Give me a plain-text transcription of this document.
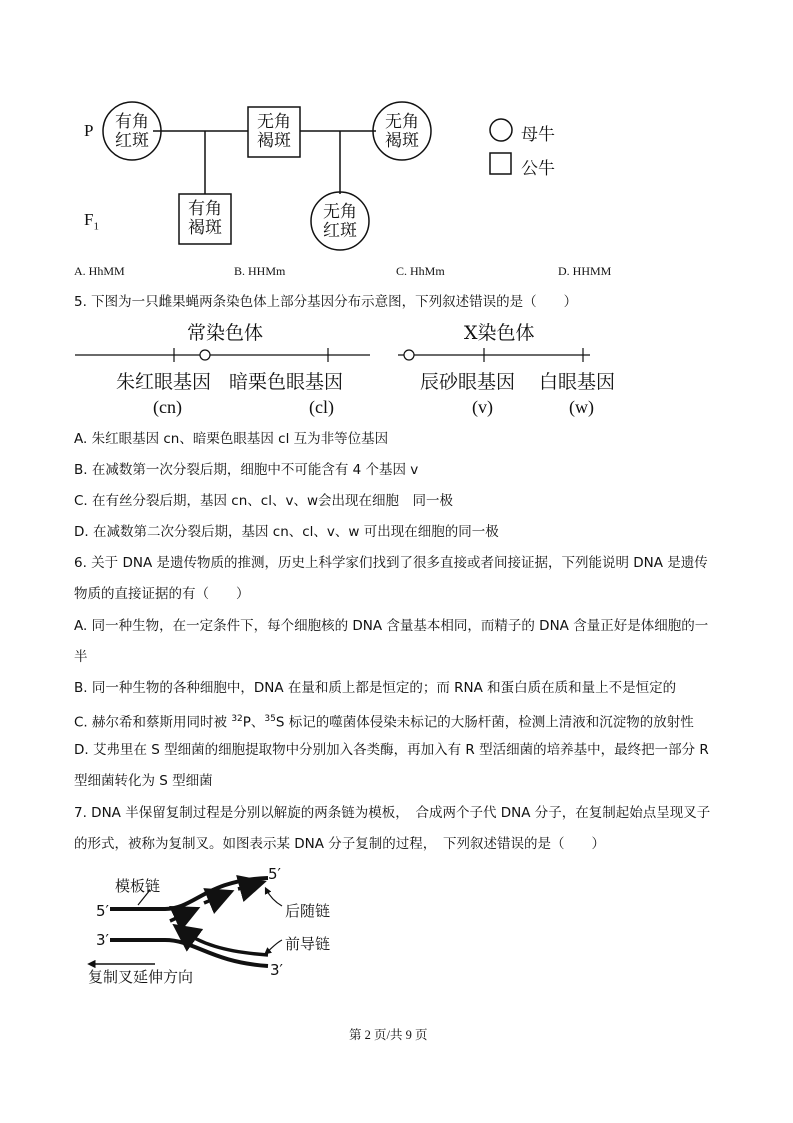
P
$F_1$
有角
红斑
无角
褐斑
无角
褐斑
有角
褐斑
无角
红斑
母牛
公牛
A. HhMM	B. HHMm	C. HhMm	D. HHMM
5. 下图为一只雌果蝇两条染色体上部分基因分布示意图，下列叙述错误的是（　　）
常染色体	X染色体
朱红眼基因 暗栗色眼基因	辰砂眼基因 白眼基因
(cn)	(cl)	(v)	(w)
A. 朱红眼基因 cn、暗栗色眼基因 cl 互为非等位基因
B. 在减数第一次分裂后期，细胞中不可能含有 4 个基因 v
C. 在有丝分裂后期，基因 cn、cl、v、w会出现在细胞　同一极
D. 在减数第二次分裂后期，基因 cn、cl、v、w 可出现在细胞的同一极
6. 关于 DNA 是遗传物质的推测，历史上科学家们找到了很多直接或者间接证据，下列能说明 DNA 是遗传
物质的直接证据的有（　　）
A. 同一种生物，在一定条件下，每个细胞核的 DNA 含量基本相同，而精子的 DNA 含量正好是体细胞的一
半
B. 同一种生物的各种细胞中，DNA 在量和质上都是恒定的；而 RNA 和蛋白质在质和量上不是恒定的
C. 赫尔希和蔡斯用同时被 $^{32}$P、$^{35}$S 标记的噬菌体侵染未标记的大肠杆菌，检测上清液和沉淀物的放射性
D. 艾弗里在 S 型细菌的细胞提取物中分别加入各类酶，再加入有 R 型活细菌的培养基中，最终把一部分 R
型细菌转化为 S 型细菌
7. DNA 半保留复制过程是分别以解旋的两条链为模板，　合成两个子代 DNA 分子，在复制起始点呈现叉子
的形式，被称为复制叉。如图表示某 DNA 分子复制的过程，　下列叙述错误的是（　　）
模板链
后随链
前导链
复制叉延伸方向
5′
5′
3′
3′
第 2 页/共 9 页
